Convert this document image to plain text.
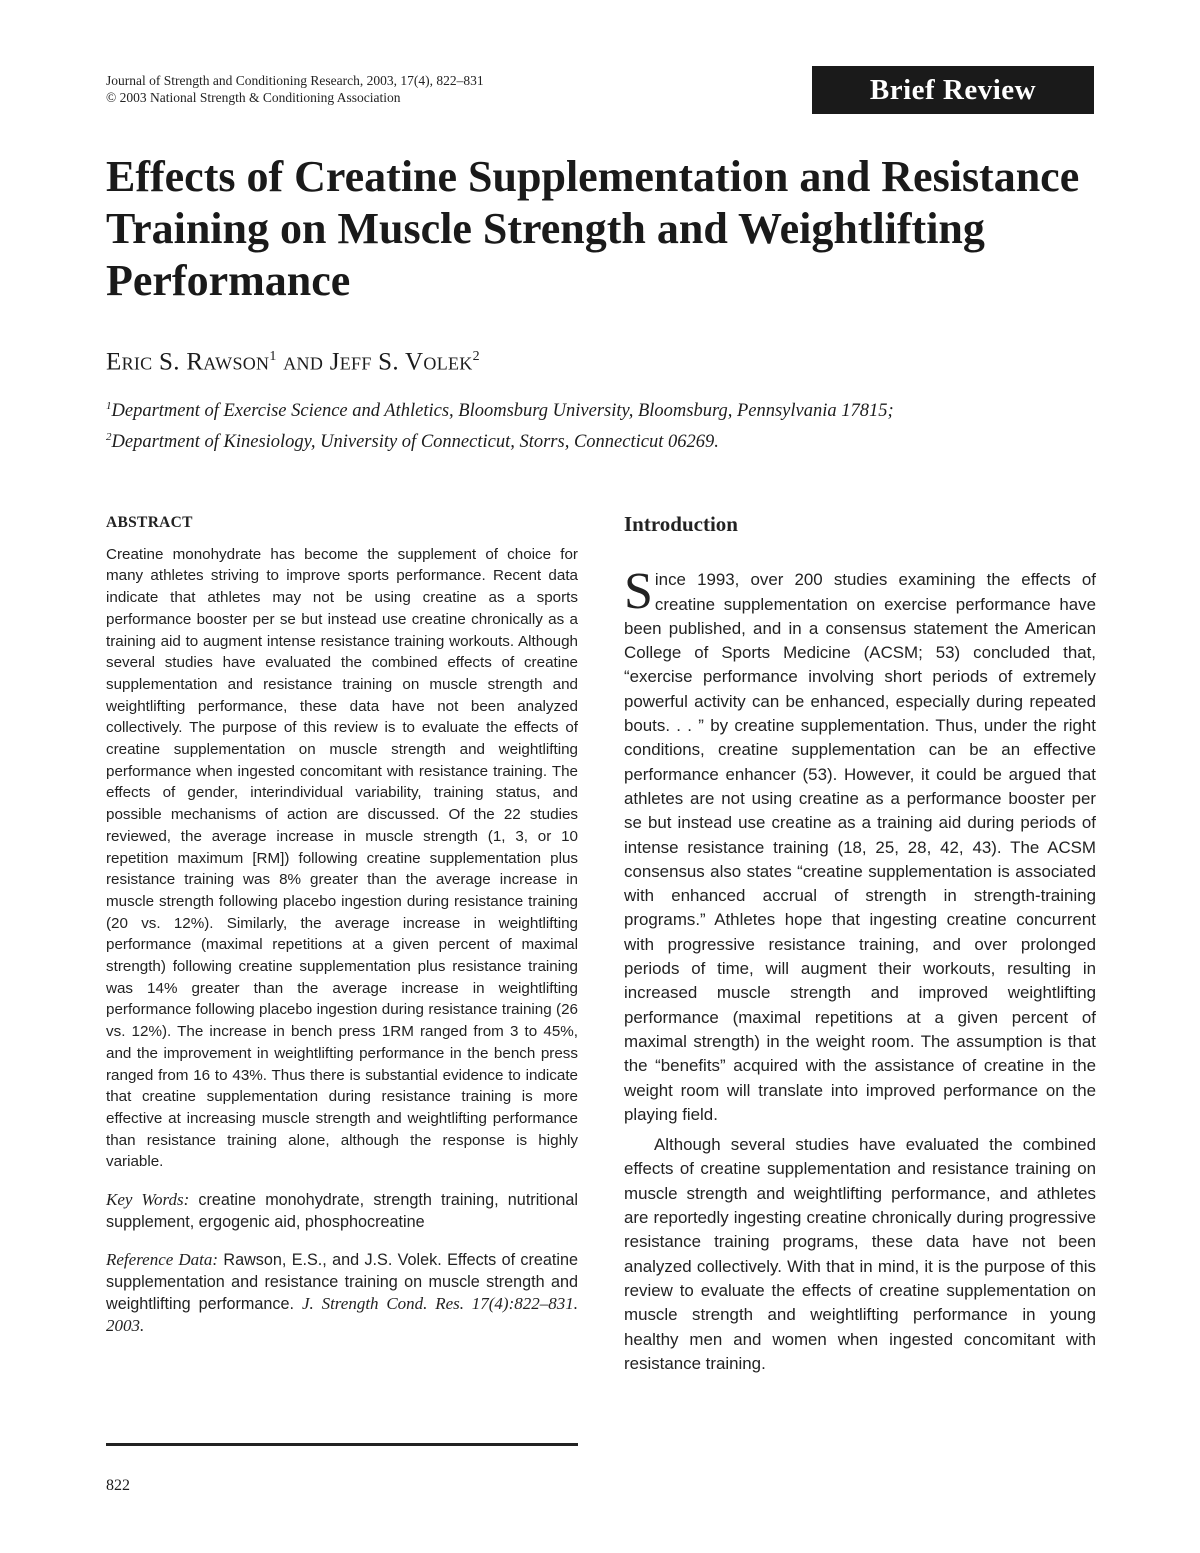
Journal of Strength and Conditioning Research, 2003, 17(4), 822–831
© 2003 National Strength & Conditioning Association	Brief Review
Effects of Creatine Supplementation and Resistance Training on Muscle Strength and Weightlifting Performance

Eric S. Rawson$^1$ and Jeff S. Volek$^2$

$^1$Department of Exercise Science and Athletics, Bloomsburg University, Bloomsburg, Pennsylvania 17815;
$^2$Department of Kinesiology, University of Connecticut, Storrs, Connecticut 06269.
ABSTRACT

Creatine monohydrate has become the supplement of choice for many athletes striving to improve sports performance. Recent data indicate that athletes may not be using creatine as a sports performance booster per se but instead use creatine chronically as a training aid to augment intense resistance training workouts. Although several studies have evaluated the combined effects of creatine supplementation and resistance training on muscle strength and weightlifting performance, these data have not been analyzed collectively. The purpose of this review is to evaluate the effects of creatine supplementation on muscle strength and weightlifting performance when ingested concomitant with resistance training. The effects of gender, interindividual variability, training status, and possible mechanisms of action are discussed. Of the 22 studies reviewed, the average increase in muscle strength (1, 3, or 10 repetition maximum [RM]) following creatine supplementation plus resistance training was 8% greater than the average increase in muscle strength following placebo ingestion during resistance training (20 vs. 12%). Similarly, the average increase in weightlifting performance (maximal repetitions at a given percent of maximal strength) following creatine supplementation plus resistance training was 14% greater than the average increase in weightlifting performance following placebo ingestion during resistance training (26 vs. 12%). The increase in bench press 1RM ranged from 3 to 45%, and the improvement in weightlifting performance in the bench press ranged from 16 to 43%. Thus there is substantial evidence to indicate that creatine supplementation during resistance training is more effective at increasing muscle strength and weightlifting performance than resistance training alone, although the response is highly variable.

Key Words: creatine monohydrate, strength training, nutritional supplement, ergogenic aid, phosphocreatine

Reference Data: Rawson, E.S., and J.S. Volek. Effects of creatine supplementation and resistance training on muscle strength and weightlifting performance. J. Strength Cond. Res. 17(4):822–831. 2003.

822
Introduction

Since 1993, over 200 studies examining the effects of creatine supplementation on exercise performance have been published, and in a consensus statement the American College of Sports Medicine (ACSM; 53) concluded that, “exercise performance involving short periods of extremely powerful activity can be enhanced, especially during repeated bouts. . . ” by creatine supplementation. Thus, under the right conditions, creatine supplementation can be an effective performance enhancer (53). However, it could be argued that athletes are not using creatine as a performance booster per se but instead use creatine as a training aid during periods of intense resistance training (18, 25, 28, 42, 43). The ACSM consensus also states “creatine supplementation is associated with enhanced accrual of strength in strength-training programs.” Athletes hope that ingesting creatine concurrent with progressive resistance training, and over prolonged periods of time, will augment their workouts, resulting in increased muscle strength and improved weightlifting performance (maximal repetitions at a given percent of maximal strength) in the weight room. The assumption is that the “benefits” acquired with the assistance of creatine in the weight room will translate into improved performance on the playing field.

Although several studies have evaluated the combined effects of creatine supplementation and resistance training on muscle strength and weightlifting performance, and athletes are reportedly ingesting creatine chronically during progressive resistance training programs, these data have not been analyzed collectively. With that in mind, it is the purpose of this review to evaluate the effects of creatine supplementation on muscle strength and weightlifting performance in young healthy men and women when ingested concomitant with resistance training.
